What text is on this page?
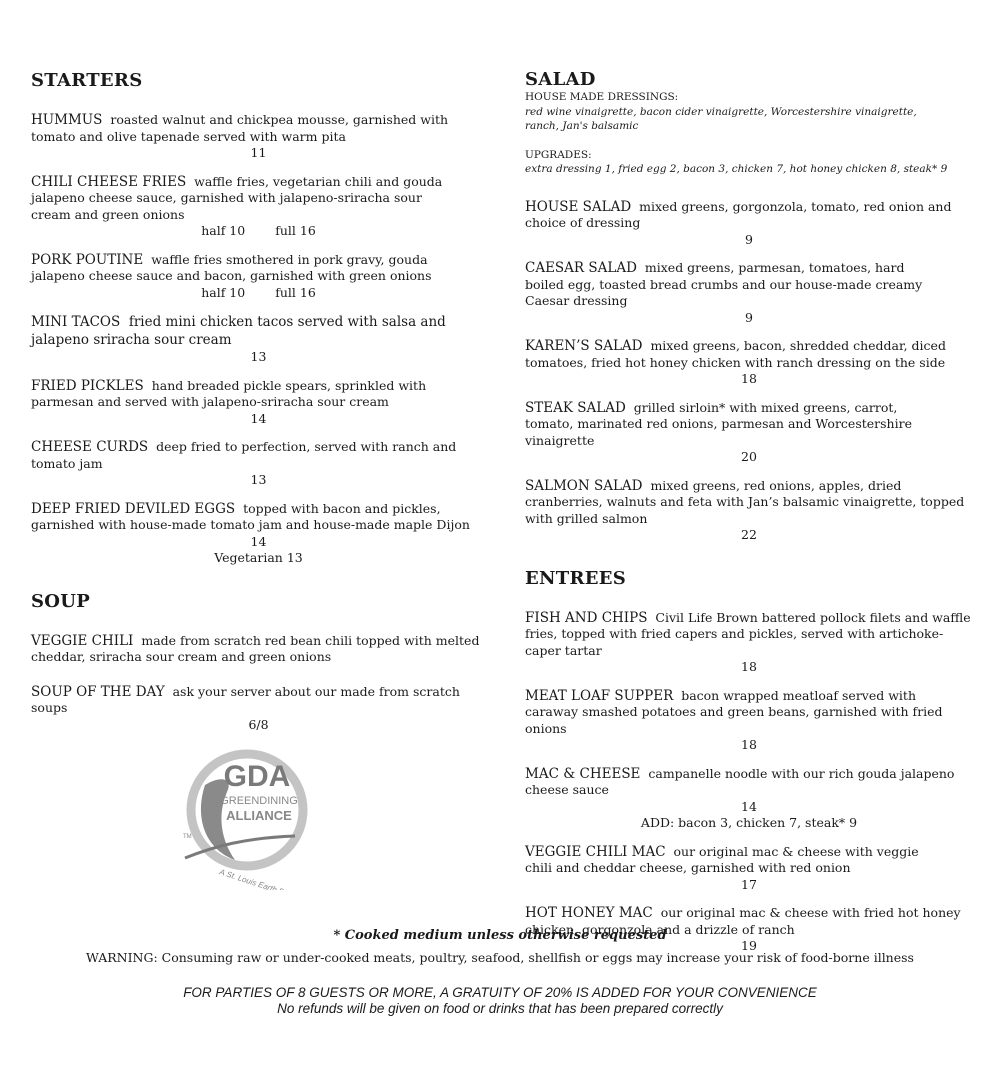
STARTERS
HUMMUS roasted walnut and chickpea mousse, garnished with tomato and olive tapenade served with warm pita
11
CHILI CHEESE FRIES waffle fries, vegetarian chili and gouda jalapeno cheese sauce, garnished with jalapeno-sriracha sour cream and green onions
half 10 full 16
PORK POUTINE waffle fries smothered in pork gravy, gouda jalapeno cheese sauce and bacon, garnished with green onions
half 10 full 16
MINI TACOS fried mini chicken tacos served with salsa and jalapeno sriracha sour cream
13
FRIED PICKLES hand breaded pickle spears, sprinkled with parmesan and served with jalapeno-sriracha sour cream
14
CHEESE CURDS deep fried to perfection, served with ranch and tomato jam
13
DEEP FRIED DEVILED EGGS topped with bacon and pickles, garnished with house-made tomato jam and house-made maple Dijon
14
Vegetarian 13
SOUP
VEGGIE CHILI made from scratch red bean chili topped with melted cheddar, sriracha sour cream and green onions
SOUP OF THE DAY ask your server about our made from scratch soups
6/8
GDA
GREENDINING
ALLIANCE
TM
A St. Louis Earth Day Initiative
SALAD
HOUSE MADE DRESSINGS:
red wine vinaigrette, bacon cider vinaigrette, Worcestershire vinaigrette, ranch, Jan's balsamic
UPGRADES:
extra dressing 1, fried egg 2, bacon 3, chicken 7, hot honey chicken 8, steak* 9
HOUSE SALAD mixed greens, gorgonzola, tomato, red onion and choice of dressing
9
CAESAR SALAD mixed greens, parmesan, tomatoes, hard boiled egg, toasted bread crumbs and our house-made creamy Caesar dressing
9
KAREN’S SALAD mixed greens, bacon, shredded cheddar, diced tomatoes, fried hot honey chicken with ranch dressing on the side
18
STEAK SALAD grilled sirloin* with mixed greens, carrot, tomato, marinated red onions, parmesan and Worcestershire vinaigrette
20
SALMON SALAD mixed greens, red onions, apples, dried cranberries, walnuts and feta with Jan’s balsamic vinaigrette, topped with grilled salmon
22
ENTREES
FISH AND CHIPS Civil Life Brown battered pollock filets and waffle fries, topped with fried capers and pickles, served with artichoke-caper tartar
18
MEAT LOAF SUPPER bacon wrapped meatloaf served with caraway smashed potatoes and green beans, garnished with fried onions
18
MAC & CHEESE campanelle noodle with our rich gouda jalapeno cheese sauce
14
ADD: bacon 3, chicken 7, steak* 9
VEGGIE CHILI MAC our original mac & cheese with veggie chili and cheddar cheese, garnished with red onion
17
HOT HONEY MAC our original mac & cheese with fried hot honey chicken, gorgonzola and a drizzle of ranch
19
* Cooked medium unless otherwise requested
WARNING: Consuming raw or under-cooked meats, poultry, seafood, shellfish or eggs may increase your risk of food-borne illness
FOR PARTIES OF 8 GUESTS OR MORE, A GRATUITY OF 20% IS ADDED FOR YOUR CONVENIENCE
No refunds will be given on food or drinks that has been prepared correctly
